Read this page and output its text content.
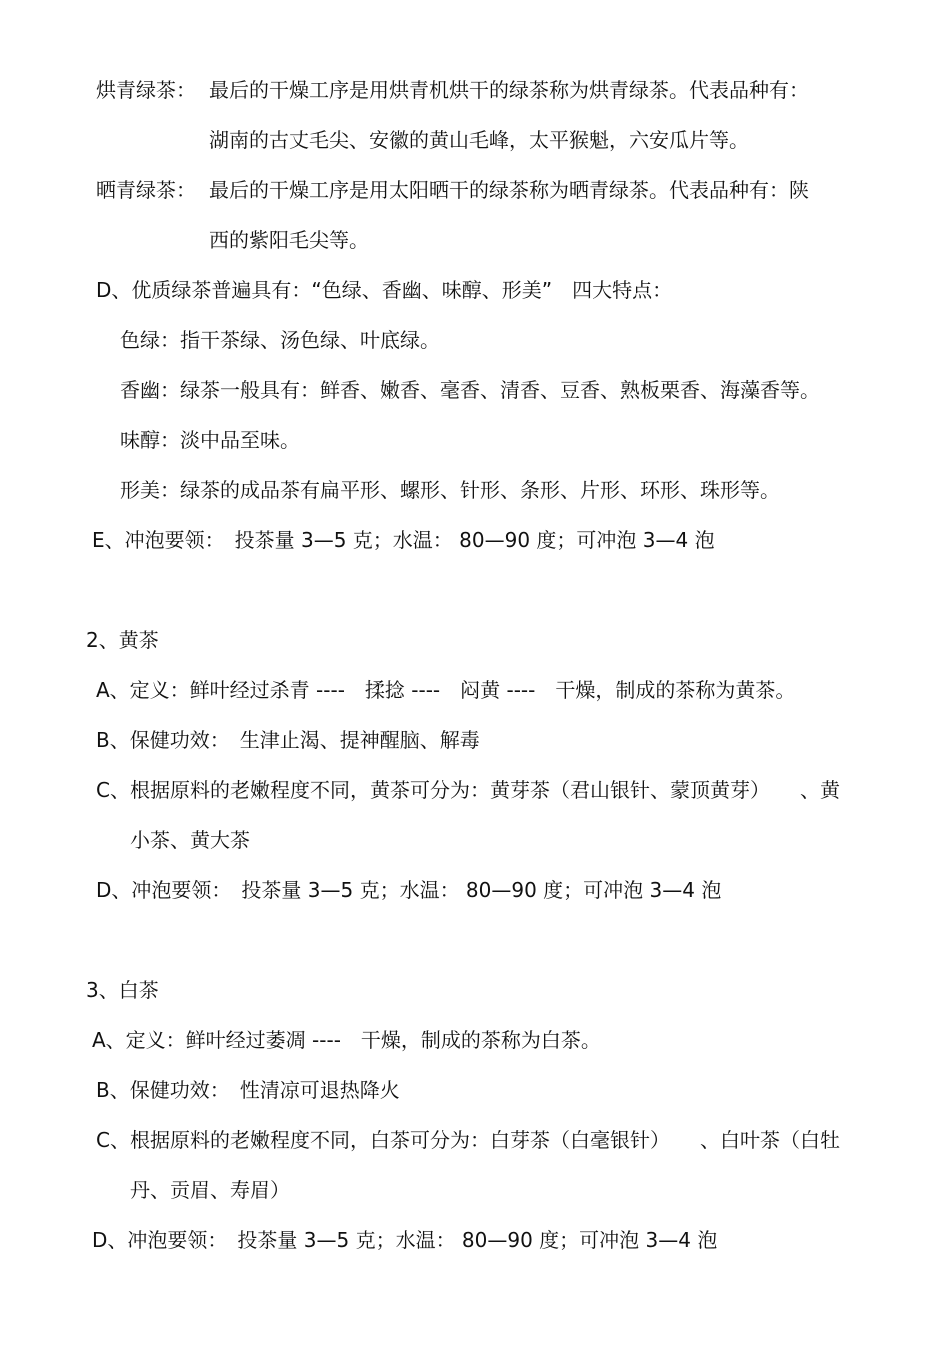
烘青绿茶： 最后的干燥工序是用烘青机烘干的绿茶称为烘青绿茶。代表品种有：
湖南的古丈毛尖、安徽的黄山毛峰，太平猴魁，六安瓜片等。
晒青绿茶： 最后的干燥工序是用太阳晒干的绿茶称为晒青绿茶。代表品种有：陕
西的紫阳毛尖等。
D、优质绿茶普遍具有：“色绿、香幽、味醇、形美”　四大特点：
色绿：指干茶绿、汤色绿、叶底绿。
香幽：绿茶一般具有：鲜香、嫩香、毫香、清香、豆香、熟板栗香、海藻香等。
味醇：淡中品至味。
形美：绿茶的成品茶有扁平形、螺形、针形、条形、片形、环形、珠形等。
E、冲泡要领：　投茶量 3—5 克；水温： 80—90 度；可冲泡 3—4 泡
2、黄茶
A、定义：鲜叶经过杀青 ----　揉捻 ----　闷黄 ----　干燥，制成的茶称为黄茶。
B、保健功效：　生津止渴、提神醒脑、解毒
C、根据原料的老嫩程度不同，黄茶可分为：黄芽茶（君山银针、蒙顶黄芽）　　、黄
小茶、黄大茶
D、冲泡要领：　投茶量 3—5 克；水温： 80—90 度；可冲泡 3—4 泡
3、白茶
A、定义：鲜叶经过萎凋 ----　干燥，制成的茶称为白茶。
B、保健功效：　性清凉可退热降火
C、根据原料的老嫩程度不同，白茶可分为：白芽茶（白毫银针）　　、白叶茶（白牡
丹、贡眉、寿眉）
D、冲泡要领：　投茶量 3—5 克；水温： 80—90 度；可冲泡 3—4 泡
